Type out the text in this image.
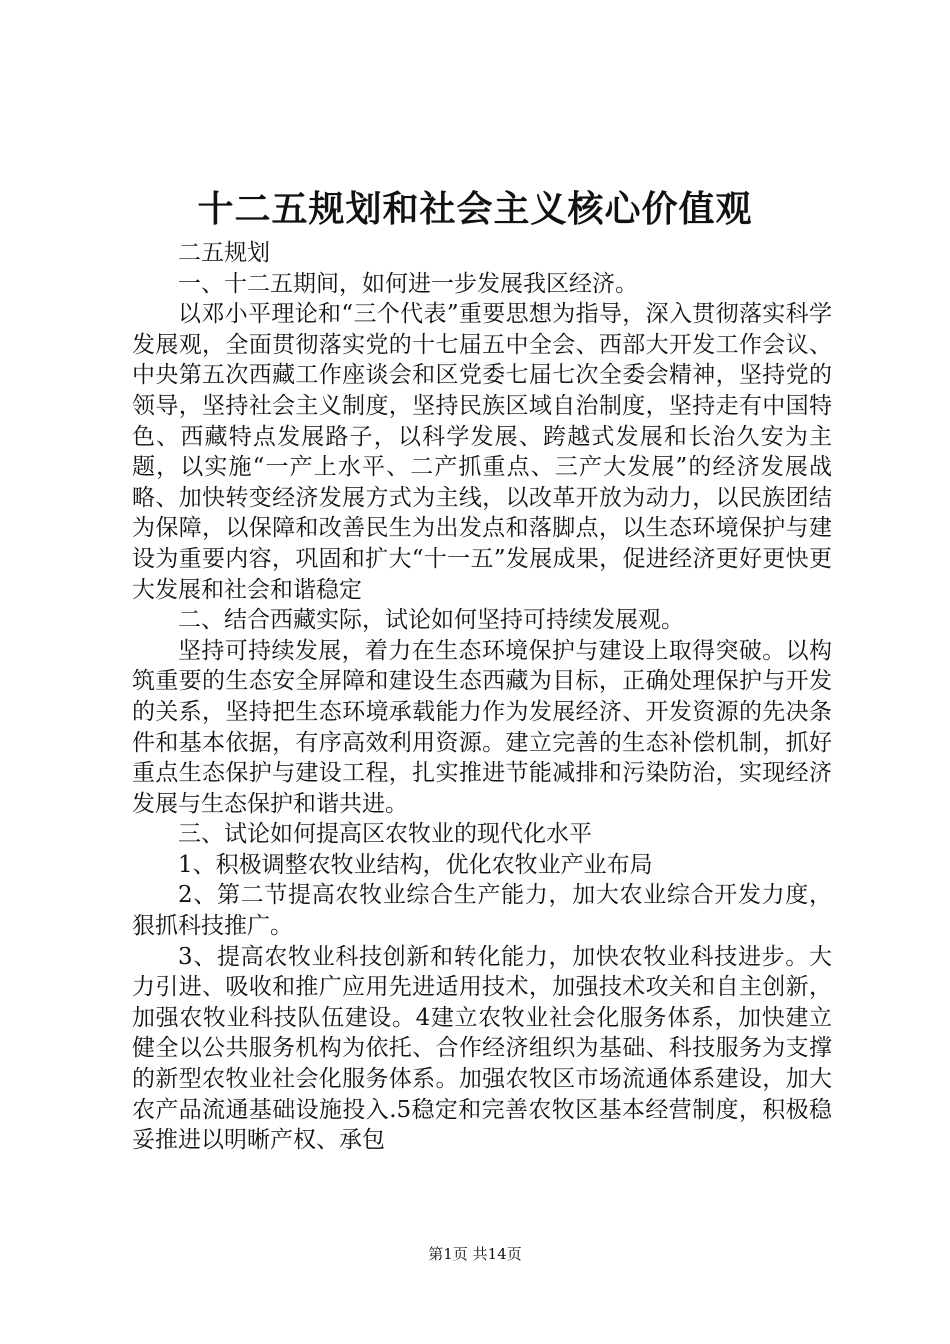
十二五规划和社会主义核心价值观

二五规划

一、十二五期间，如何进一步发展我区经济。

以邓小平理论和“三个代表”重要思想为指导，深入贯彻落实科学发展观，全面贯彻落实党的十七届五中全会、西部大开发工作会议、中央第五次西藏工作座谈会和区党委七届七次全委会精神，坚持党的领导，坚持社会主义制度，坚持民族区域自治制度，坚持走有中国特色、西藏特点发展路子，以科学发展、跨越式发展和长治久安为主题，以实施“一产上水平、二产抓重点、三产大发展”的经济发展战略、加快转变经济发展方式为主线，以改革开放为动力，以民族团结为保障，以保障和改善民生为出发点和落脚点，以生态环境保护与建设为重要内容，巩固和扩大“十一五”发展成果，促进经济更好更快更大发展和社会和谐稳定

二、结合西藏实际，试论如何坚持可持续发展观。

坚持可持续发展，着力在生态环境保护与建设上取得突破。以构筑重要的生态安全屏障和建设生态西藏为目标，正确处理保护与开发的关系，坚持把生态环境承载能力作为发展经济、开发资源的先决条件和基本依据，有序高效利用资源。建立完善的生态补偿机制，抓好重点生态保护与建设工程，扎实推进节能减排和污染防治，实现经济发展与生态保护和谐共进。

三、试论如何提高区农牧业的现代化水平

1、积极调整农牧业结构，优化农牧业产业布局

2、第二节提高农牧业综合生产能力，加大农业综合开发力度，狠抓科技推广。

3、提高农牧业科技创新和转化能力，加快农牧业科技进步。大力引进、吸收和推广应用先进适用技术，加强技术攻关和自主创新，加强农牧业科技队伍建设。4建立农牧业社会化服务体系，加快建立健全以公共服务机构为依托、合作经济组织为基础、科技服务为支撑的新型农牧业社会化服务体系。加强农牧区市场流通体系建设，加大农产品流通基础设施投入.5稳定和完善农牧区基本经营制度，积极稳妥推进以明晰产权、承包

第1页 共14页
